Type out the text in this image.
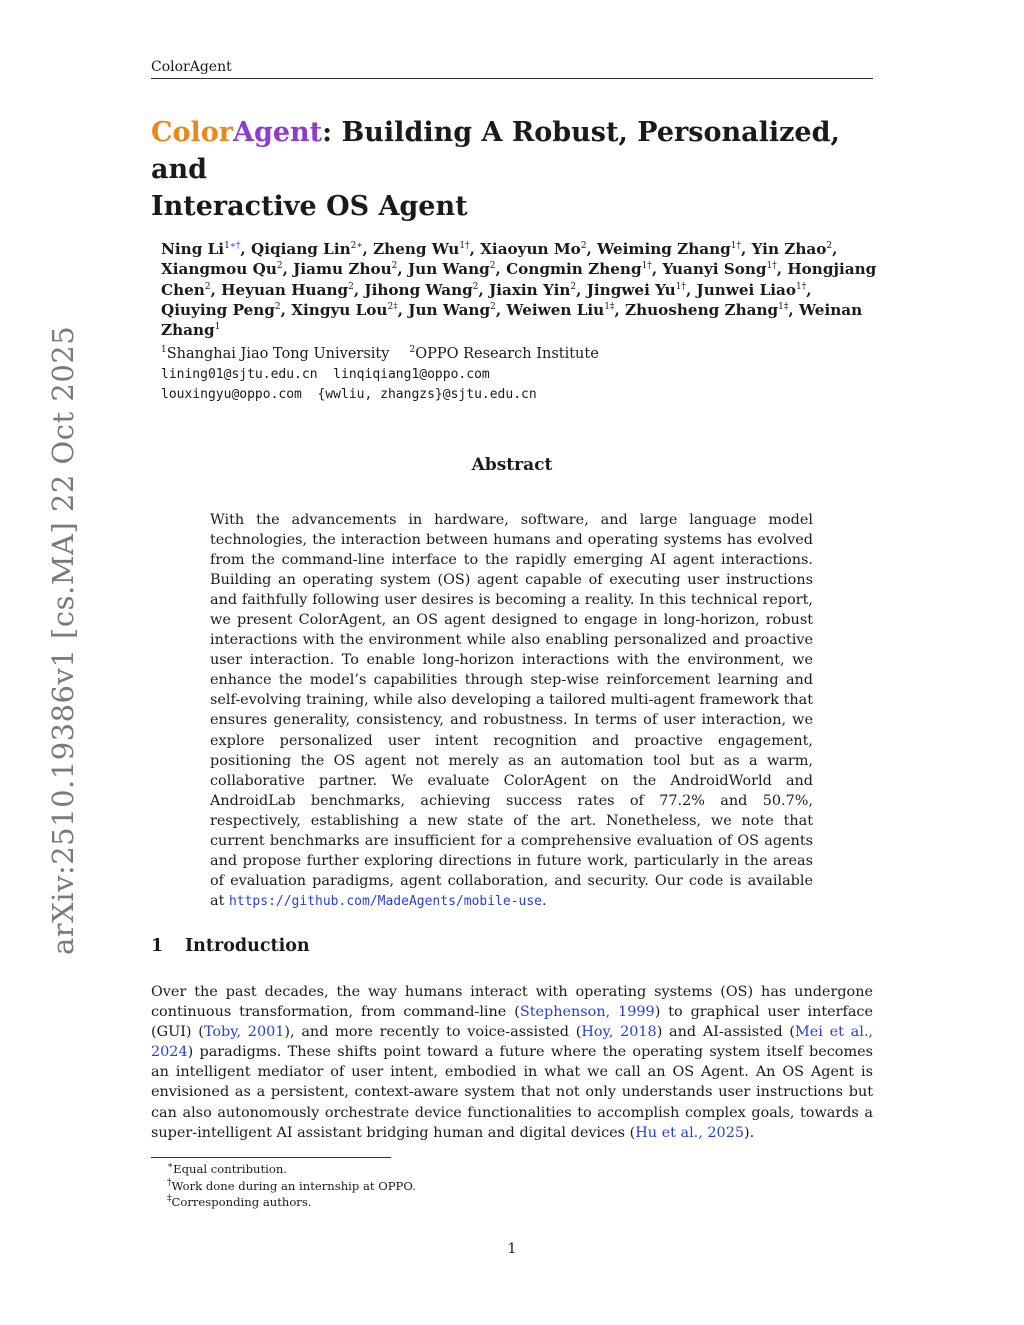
ColorAgent
arXiv:2510.19386v1 [cs.MA] 22 Oct 2025
ColorAgent: Building A Robust, Personalized, and
Interactive OS Agent
Ning $Li^{1∗\dagger}$, Qiqiang Lin$^{2∗}$, Zheng $Wu^{1\dagger}$, Xiaoyun Mo$^2$, Weiming Zhang$^{1\dagger}$, Yin Zhao$^2$, Xiangmou Qu$^2$, Jiamu Zhou$^2$, Jun Wang$^2$, Congmin Zheng$^{1\dagger}$, Yuanyi Song$^{1\dagger}$, Hongjiang Chen$^2$, Heyuan Huang$^2$, Jihong Wang$^2$, Jiaxin Yin$^2$, Jingwei $Yu^{1\dagger}$, Junwei Liao$^{1\dagger}$, Qiuying Peng$^2$, Xingyu Lou$^{2\ddagger}$, Jun Wang$^2$, Weiwen Liu$^{1\ddagger}$, Zhuosheng Zhang$^{1\ddagger}$, Weinan Zhang$^1$
$^1$Shanghai Jiao Tong University $^2$OPPO Research Institute
lining01@sjtu.edu.cn  linqiqiang1@oppo.com
louxingyu@oppo.com  {wwliu, zhangzs}@sjtu.edu.cn
Abstract
With the advancements in hardware, software, and large language model technologies, the interaction between humans and operating systems has evolved from the command-line interface to the rapidly emerging AI agent interactions. Building an operating system (OS) agent capable of executing user instructions and faithfully following user desires is becoming a reality. In this technical report, we present ColorAgent, an OS agent designed to engage in long-horizon, robust interactions with the environment while also enabling personalized and proactive user interaction. To enable long-horizon interactions with the environment, we enhance the model’s capabilities through step-wise reinforcement learning and self-evolving training, while also developing a tailored multi-agent framework that ensures generality, consistency, and robustness. In terms of user interaction, we explore personalized user intent recognition and proactive engagement, positioning the OS agent not merely as an automation tool but as a warm, collaborative partner. We evaluate ColorAgent on the AndroidWorld and AndroidLab benchmarks, achieving success rates of 77.2% and 50.7%, respectively, establishing a new state of the art. Nonetheless, we note that current benchmarks are insufficient for a comprehensive evaluation of OS agents and propose further exploring directions in future work, particularly in the areas of evaluation paradigms, agent collaboration, and security. Our code is available at https://github.com/MadeAgents/mobile-use.
1 Introduction
Over the past decades, the way humans interact with operating systems (OS) has undergone continuous transformation, from command-line (Stephenson, 1999) to graphical user interface (GUI) (Toby, 2001), and more recently to voice-assisted (Hoy, 2018) and AI-assisted (Mei et al., 2024) paradigms. These shifts point toward a future where the operating system itself becomes an intelligent mediator of user intent, embodied in what we call an OS Agent. An OS Agent is envisioned as a persistent, context-aware system that not only understands user instructions but can also autonomously orchestrate device functionalities to accomplish complex goals, towards a super-intelligent AI assistant bridging human and digital devices (Hu et al., 2025).
∗Equal contribution.
†Work done during an internship at OPPO.
‡Corresponding authors.
1
